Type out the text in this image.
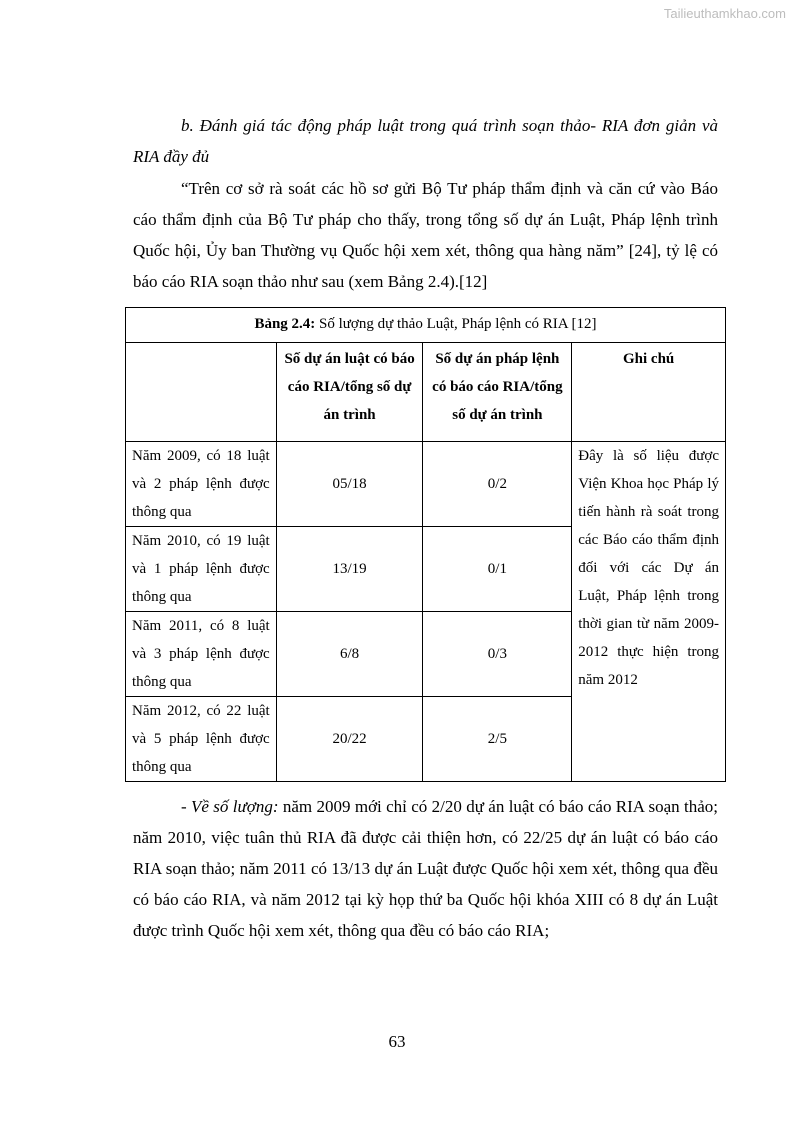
Tailieuthamkhao.com
b. Đánh giá tác động pháp luật trong quá trình soạn thảo- RIA đơn giản và RIA đầy đủ
“Trên cơ sở rà soát các hồ sơ gửi Bộ Tư pháp thẩm định và căn cứ vào Báo cáo thẩm định của Bộ Tư pháp cho thấy, trong tổng số dự án Luật, Pháp lệnh trình Quốc hội, Ủy ban Thường vụ Quốc hội xem xét, thông qua hàng năm” [24], tỷ lệ có báo cáo RIA soạn thảo như sau (xem Bảng 2.4).[12]
Bảng 2.4: Số lượng dự thảo Luật, Pháp lệnh có RIA [12]			
	Số dự án luật có báo cáo RIA/tổng số dự án trình	Số dự án pháp lệnh có báo cáo RIA/tổng số dự án trình	Ghi chú
Năm 2009, có 18 luật và 2 pháp lệnh được thông qua	05/18	0/2	Đây là số liệu được Viện Khoa học Pháp lý tiến hành rà soát trong các Báo cáo thẩm định đối với các Dự án Luật, Pháp lệnh trong thời gian từ năm 2009-2012 thực hiện trong năm 2012
Năm 2010, có 19 luật và 1 pháp lệnh được thông qua	13/19	0/1	
Năm 2011, có 8 luật và 3 pháp lệnh được thông qua	6/8	0/3	
Năm 2012, có 22 luật và 5 pháp lệnh được thông qua	20/22	2/5	
- Về số lượng: năm 2009 mới chỉ có 2/20 dự án luật có báo cáo RIA soạn thảo; năm 2010, việc tuân thủ RIA đã được cải thiện hơn, có 22/25 dự án luật có báo cáo RIA soạn thảo; năm 2011 có 13/13 dự án Luật được Quốc hội xem xét, thông qua đều có báo cáo RIA, và năm 2012 tại kỳ họp thứ ba Quốc hội khóa XIII có 8 dự án Luật được trình Quốc hội xem xét, thông qua đều có báo cáo RIA;
63
